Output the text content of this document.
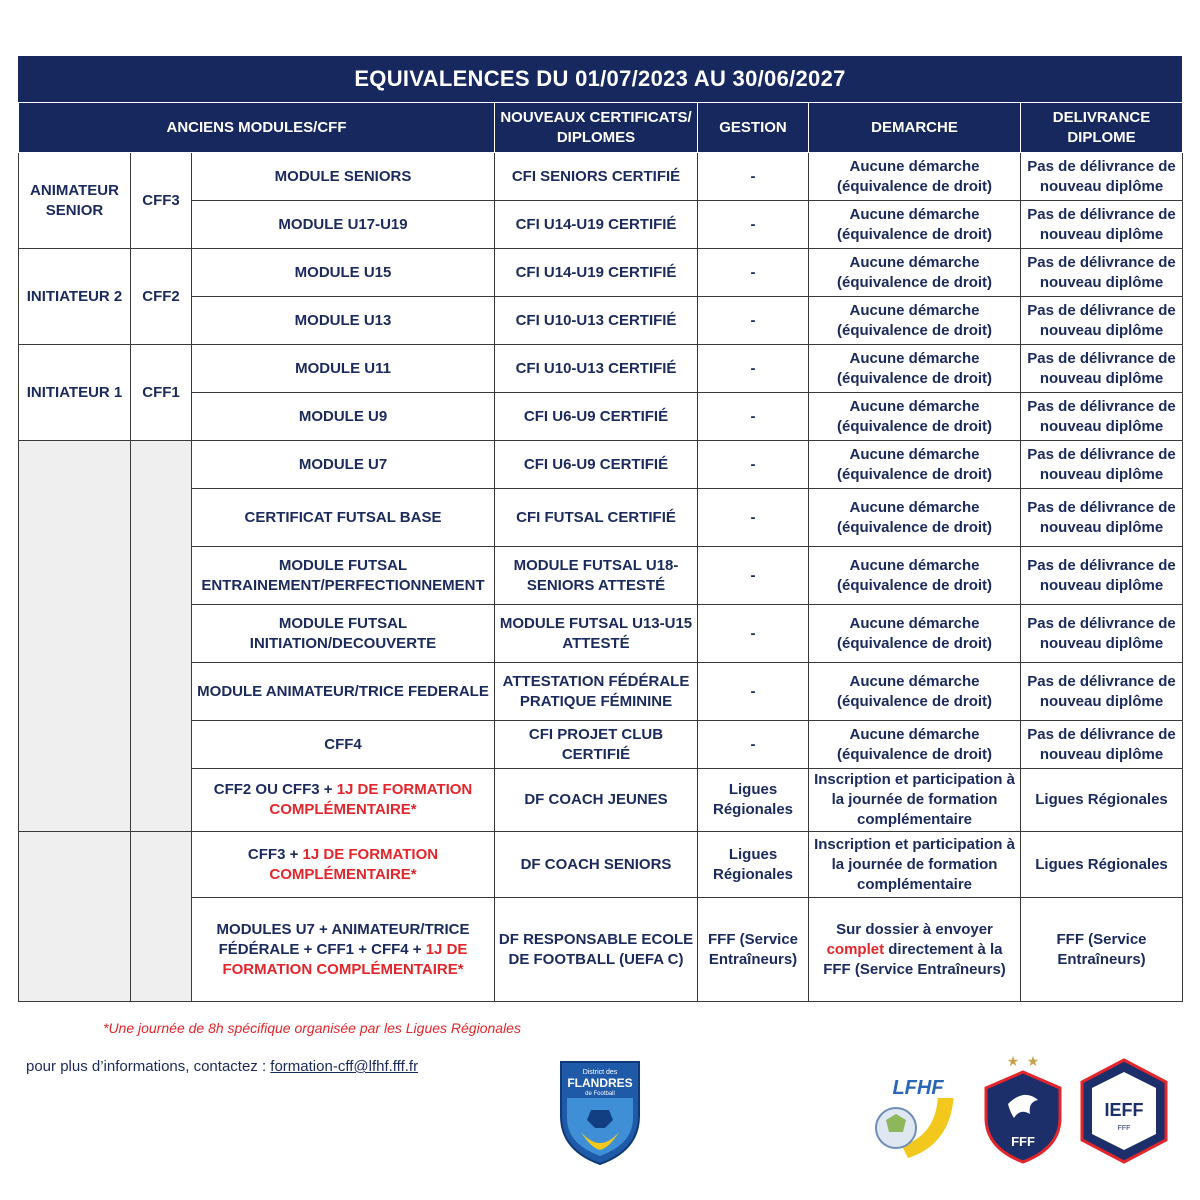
EQUIVALENCES DU 01/07/2023 AU 30/06/2027
ANCIENS MODULES/CFF			NOUVEAUX CERTIFICATS/ DIPLOMES	GESTION	DEMARCHE	DELIVRANCE DIPLOME
ANIMATEUR SENIOR	CFF3	MODULE SENIORS	CFI SENIORS CERTIFIÉ	-	Aucune démarche (équivalence de droit)	Pas de délivrance de nouveau diplôme
		MODULE U17-U19	CFI U14-U19 CERTIFIÉ	-	Aucune démarche (équivalence de droit)	Pas de délivrance de nouveau diplôme
INITIATEUR 2	CFF2	MODULE U15	CFI U14-U19 CERTIFIÉ	-	Aucune démarche (équivalence de droit)	Pas de délivrance de nouveau diplôme
		MODULE U13	CFI U10-U13 CERTIFIÉ	-	Aucune démarche (équivalence de droit)	Pas de délivrance de nouveau diplôme
INITIATEUR 1	CFF1	MODULE U11	CFI U10-U13 CERTIFIÉ	-	Aucune démarche (équivalence de droit)	Pas de délivrance de nouveau diplôme
		MODULE U9	CFI U6-U9 CERTIFIÉ	-	Aucune démarche (équivalence de droit)	Pas de délivrance de nouveau diplôme
		MODULE U7	CFI U6-U9 CERTIFIÉ	-	Aucune démarche (équivalence de droit)	Pas de délivrance de nouveau diplôme
		CERTIFICAT FUTSAL BASE	CFI FUTSAL CERTIFIÉ	-	Aucune démarche (équivalence de droit)	Pas de délivrance de nouveau diplôme
		MODULE FUTSAL ENTRAINEMENT/PERFECTIONNEMENT	MODULE FUTSAL U18-SENIORS ATTESTÉ	-	Aucune démarche (équivalence de droit)	Pas de délivrance de nouveau diplôme
		MODULE FUTSAL INITIATION/DECOUVERTE	MODULE FUTSAL U13-U15 ATTESTÉ	-	Aucune démarche (équivalence de droit)	Pas de délivrance de nouveau diplôme
		MODULE ANIMATEUR/TRICE FEDERALE	ATTESTATION FÉDÉRALE PRATIQUE FÉMININE	-	Aucune démarche (équivalence de droit)	Pas de délivrance de nouveau diplôme
		CFF4	CFI PROJET CLUB CERTIFIÉ	-	Aucune démarche (équivalence de droit)	Pas de délivrance de nouveau diplôme
		CFF2 OU CFF3 + 1J DE FORMATION COMPLÉMENTAIRE*	DF COACH JEUNES	Ligues Régionales	Inscription et participation à la journée de formation complémentaire	Ligues Régionales
		CFF3 + 1J DE FORMATION COMPLÉMENTAIRE*	DF COACH SENIORS	Ligues Régionales	Inscription et participation à la journée de formation complémentaire	Ligues Régionales
		MODULES U7 + ANIMATEUR/TRICE FÉDÉRALE + CFF1 + CFF4 + 1J DE FORMATION COMPLÉMENTAIRE*	DF RESPONSABLE ECOLE DE FOOTBALL (UEFA C)	FFF (Service Entraîneurs)	Sur dossier à envoyer complet directement à la FFF (Service Entraîneurs)	FFF (Service Entraîneurs)
*Une journée de 8h spécifique organisée par les Ligues Régionales
pour plus d’informations, contactez : formation-cff@lfhf.fff.fr	District des
FLANDRES
de Football	LFHF
★ ★
FFF
IEFF
FFF
